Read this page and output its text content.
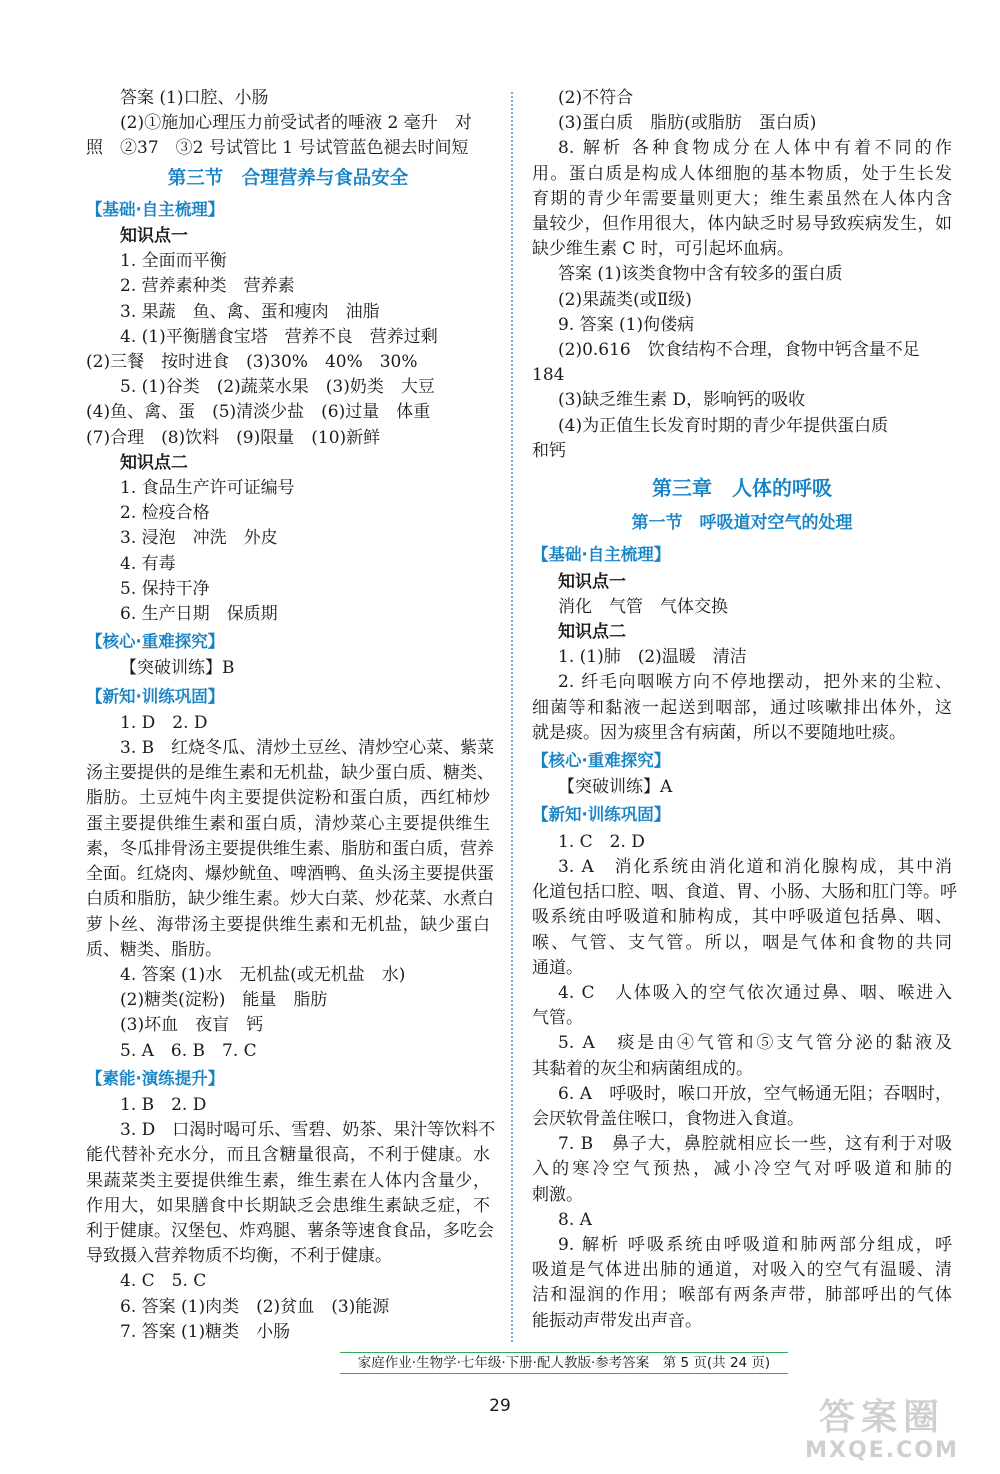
答案 (1)口腔、小肠
(2)①施加心理压力前受试者的唾液 2 毫升　对
照　②37　③2 号试管比 1 号试管蓝色褪去时间短
第三节　合理营养与食品安全
【基础·自主梳理】
知识点一
1. 全面而平衡
2. 营养素种类　营养素
3. 果蔬　鱼、禽、蛋和瘦肉　油脂
4. (1)平衡膳食宝塔　营养不良　营养过剩
(2)三餐　按时进食　(3)30%　40%　30%
5. (1)谷类　(2)蔬菜水果　(3)奶类　大豆
(4)鱼、禽、蛋　(5)清淡少盐　(6)过量　体重
(7)合理　(8)饮料　(9)限量　(10)新鲜
知识点二
1. 食品生产许可证编号
2. 检疫合格
3. 浸泡　冲洗　外皮
4. 有毒
5. 保持干净
6. 生产日期　保质期
【核心·重难探究】
【突破训练】B
【新知·训练巩固】
1. D　2. D
3. B　红烧冬瓜、清炒土豆丝、清炒空心菜、紫菜
汤主要提供的是维生素和无机盐，缺少蛋白质、糖类、
脂肪。土豆炖牛肉主要提供淀粉和蛋白质，西红柿炒
蛋主要提供维生素和蛋白质，清炒菜心主要提供维生
素，冬瓜排骨汤主要提供维生素、脂肪和蛋白质，营养
全面。红烧肉、爆炒鱿鱼、啤酒鸭、鱼头汤主要提供蛋
白质和脂肪，缺少维生素。炒大白菜、炒花菜、水煮白
萝卜丝、海带汤主要提供维生素和无机盐，缺少蛋白
质、糖类、脂肪。
4. 答案 (1)水　无机盐(或无机盐　水)
(2)糖类(淀粉)　能量　脂肪
(3)坏血　夜盲　钙
5. A　6. B　7. C
【素能·演练提升】
1. B　2. D
3. D　口渴时喝可乐、雪碧、奶茶、果汁等饮料不
能代替补充水分，而且含糖量很高，不利于健康。水
果蔬菜类主要提供维生素，维生素在人体内含量少，
作用大，如果膳食中长期缺乏会患维生素缺乏症，不
利于健康。汉堡包、炸鸡腿、薯条等速食食品，多吃会
导致摄入营养物质不均衡，不利于健康。
4. C　5. C
6. 答案 (1)肉类　(2)贫血　(3)能源
7. 答案 (1)糖类　小肠
(2)不符合
(3)蛋白质　脂肪(或脂肪　蛋白质)
8. 解析 各种食物成分在人体中有着不同的作
用。蛋白质是构成人体细胞的基本物质，处于生长发
育期的青少年需要量则更大；维生素虽然在人体内含
量较少，但作用很大，体内缺乏时易导致疾病发生，如
缺少维生素 C 时，可引起坏血病。
答案 (1)该类食物中含有较多的蛋白质
(2)果蔬类(或Ⅱ级)
9. 答案 (1)佝偻病
(2)0.616　饮食结构不合理，食物中钙含量不足
184
(3)缺乏维生素 D，影响钙的吸收
(4)为正值生长发育时期的青少年提供蛋白质
和钙
第三章　人体的呼吸
第一节　呼吸道对空气的处理
【基础·自主梳理】
知识点一
消化　气管　气体交换
知识点二
1. (1)肺　(2)温暖　清洁
2. 纤毛向咽喉方向不停地摆动，把外来的尘粒、
细菌等和黏液一起送到咽部，通过咳嗽排出体外，这
就是痰。因为痰里含有病菌，所以不要随地吐痰。
【核心·重难探究】
【突破训练】A
【新知·训练巩固】
1. C　2. D
3. A　消化系统由消化道和消化腺构成，其中消
化道包括口腔、咽、食道、胃、小肠、大肠和肛门等。呼
吸系统由呼吸道和肺构成，其中呼吸道包括鼻、咽、
喉、气管、支气管。所以，咽是气体和食物的共同
通道。
4. C　人体吸入的空气依次通过鼻、咽、喉进入
气管。
5. A　痰是由④气管和⑤支气管分泌的黏液及
其黏着的灰尘和病菌组成的。
6. A　呼吸时，喉口开放，空气畅通无阻；吞咽时，
会厌软骨盖住喉口，食物进入食道。
7. B　鼻子大，鼻腔就相应长一些，这有利于对吸
入的寒冷空气预热，减小冷空气对呼吸道和肺的
刺激。
8. A
9. 解析 呼吸系统由呼吸道和肺两部分组成，呼
吸道是气体进出肺的通道，对吸入的空气有温暖、清
洁和湿润的作用；喉部有两条声带，肺部呼出的气体
能振动声带发出声音。
家庭作业·生物学·七年级·下册·配人教版·参考答案　第 5 页(共 24 页)
29	答案圈
MXQE.COM
